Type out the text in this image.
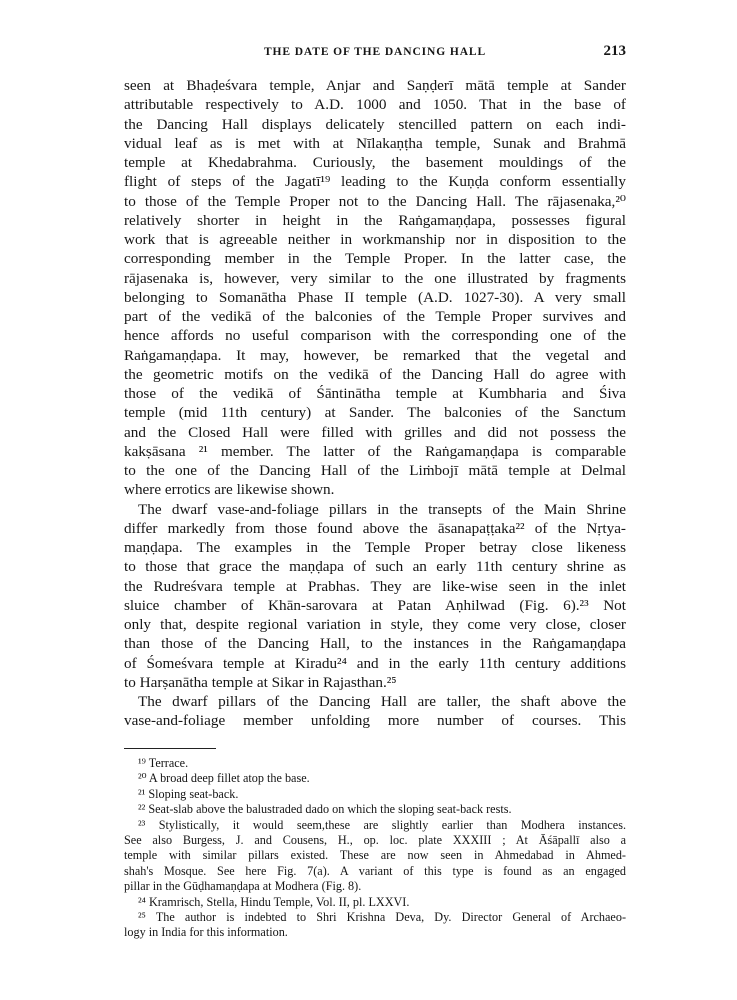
THE DATE OF THE DANCING HALL	213
seen at Bhaḍeśvara temple, Anjar and Saṇḍerī mātā temple at Sander
attributable respectively to A.D. 1000 and 1050. That in the base of
the Dancing Hall displays delicately stencilled pattern on each indi-
vidual leaf as is met with at Nīlakaṇṭha temple, Sunak and Brahmā
temple at Khedabrahma. Curiously, the basement mouldings of the
flight of steps of the Jagatī¹⁹ leading to the Kuṇḍa conform essentially
to those of the Temple Proper not to the Dancing Hall. The rājasenaka,²⁰
relatively shorter in height in the Raṅgamaṇḍapa, possesses figural
work that is agreeable neither in workmanship nor in disposition to the
corresponding member in the Temple Proper. In the latter case, the
rājasenaka is, however, very similar to the one illustrated by fragments
belonging to Somanātha Phase II temple (A.D. 1027-30). A very small
part of the vedikā of the balconies of the Temple Proper survives and
hence affords no useful comparison with the corresponding one of the
Raṅgamaṇḍapa. It may, however, be remarked that the vegetal and
the geometric motifs on the vedikā of the Dancing Hall do agree with
those of the vedikā of Śāntinātha temple at Kumbharia and Śiva
temple (mid 11th century) at Sander. The balconies of the Sanctum
and the Closed Hall were filled with grilles and did not possess the
kakṣāsana ²¹ member. The latter of the Raṅgamaṇḍapa is comparable
to the one of the Dancing Hall of the Liṁbojī mātā temple at Delmal
where errotics are likewise shown.
The dwarf vase-and-foliage pillars in the transepts of the Main Shrine
differ markedly from those found above the āsanapaṭṭaka²² of the Nṛtya-
maṇḍapa. The examples in the Temple Proper betray close likeness
to those that grace the maṇḍapa of such an early 11th century shrine as
the Rudreśvara temple at Prabhas. They are like-wise seen in the inlet
sluice chamber of Khān-sarovara at Patan Aṇhilwad (Fig. 6).²³ Not
only that, despite regional variation in style, they come very close, closer
than those of the Dancing Hall, to the instances in the Raṅgamaṇḍapa
of Śomeśvara temple at Kiradu²⁴ and in the early 11th century additions
to Harṣanātha temple at Sikar in Rajasthan.²⁵
The dwarf pillars of the Dancing Hall are taller, the shaft above the
vase-and-foliage member unfolding more number of courses. This
¹⁹ Terrace.
²⁰ A broad deep fillet atop the base.
²¹ Sloping seat-back.
²² Seat-slab above the balustraded dado on which the sloping seat-back rests.
²³ Stylistically, it would seem,these are slightly earlier than Modhera instances.
See also Burgess, J. and Cousens, H., op. loc. plate XXXIII ; At Āśāpallī also a
temple with similar pillars existed. These are now seen in Ahmedabad in Ahmed-
shah's Mosque. See here Fig. 7(a). A variant of this type is found as an engaged
pillar in the Gūḍhamaṇḍapa at Modhera (Fig. 8).
²⁴ Kramrisch, Stella, Hindu Temple, Vol. II, pl. LXXVI.
²⁵ The author is indebted to Shri Krishna Deva, Dy. Director General of Archaeo-
logy in India for this information.
